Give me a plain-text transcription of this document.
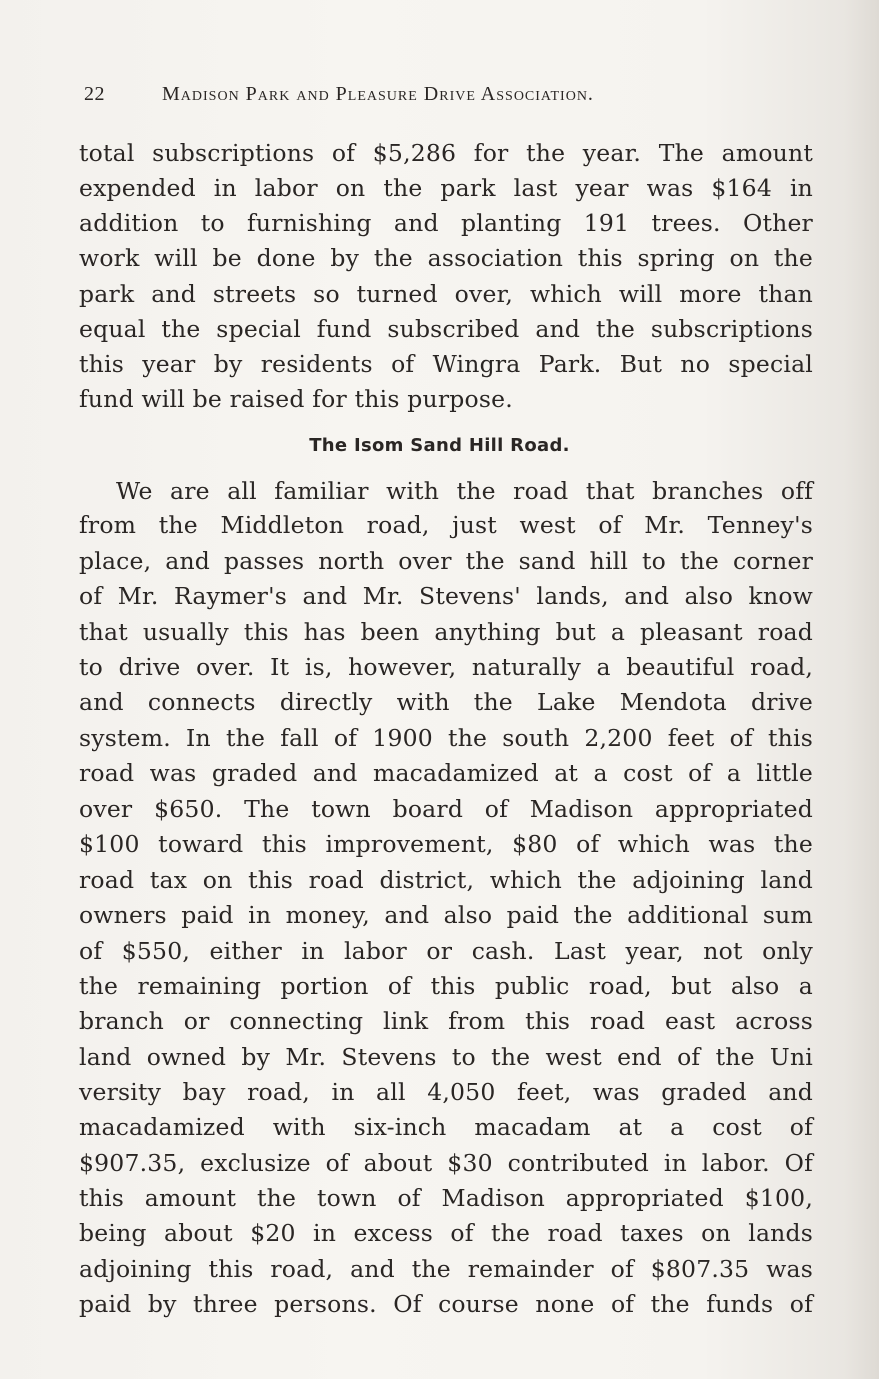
22	Madison Park and Pleasure Drive Association.
total subscriptions of $5,286 for the year. The amount
expended in labor on the park last year was $164 in
addition to furnishing and planting 191 trees. Other
work will be done by the association this spring on the
park and streets so turned over, which will more than
equal the special fund subscribed and the subscriptions
this year by residents of Wingra Park. But no special
fund will be raised for this purpose.
The Isom Sand Hill Road.
We are all familiar with the road that branches off
from the Middleton road, just west of Mr. Tenney's
place, and passes north over the sand hill to the corner
of Mr. Raymer's and Mr. Stevens' lands, and also know
that usually this has been anything but a pleasant road
to drive over. It is, however, naturally a beautiful road,
and connects directly with the Lake Mendota drive
system. In the fall of 1900 the south 2,200 feet of this
road was graded and macadamized at a cost of a little
over $650. The town board of Madison appropriated
$100 toward this improvement, $80 of which was the
road tax on this road district, which the adjoining land
owners paid in money, and also paid the additional sum
of $550, either in labor or cash. Last year, not only
the remaining portion of this public road, but also a
branch or connecting link from this road east across
land owned by Mr. Stevens to the west end of the Uni
versity bay road, in all 4,050 feet, was graded and
macadamized with six-inch macadam at a cost of
$907.35, exclusize of about $30 contributed in labor. Of
this amount the town of Madison appropriated $100,
being about $20 in excess of the road taxes on lands
adjoining this road, and the remainder of $807.35 was
paid by three persons. Of course none of the funds of
